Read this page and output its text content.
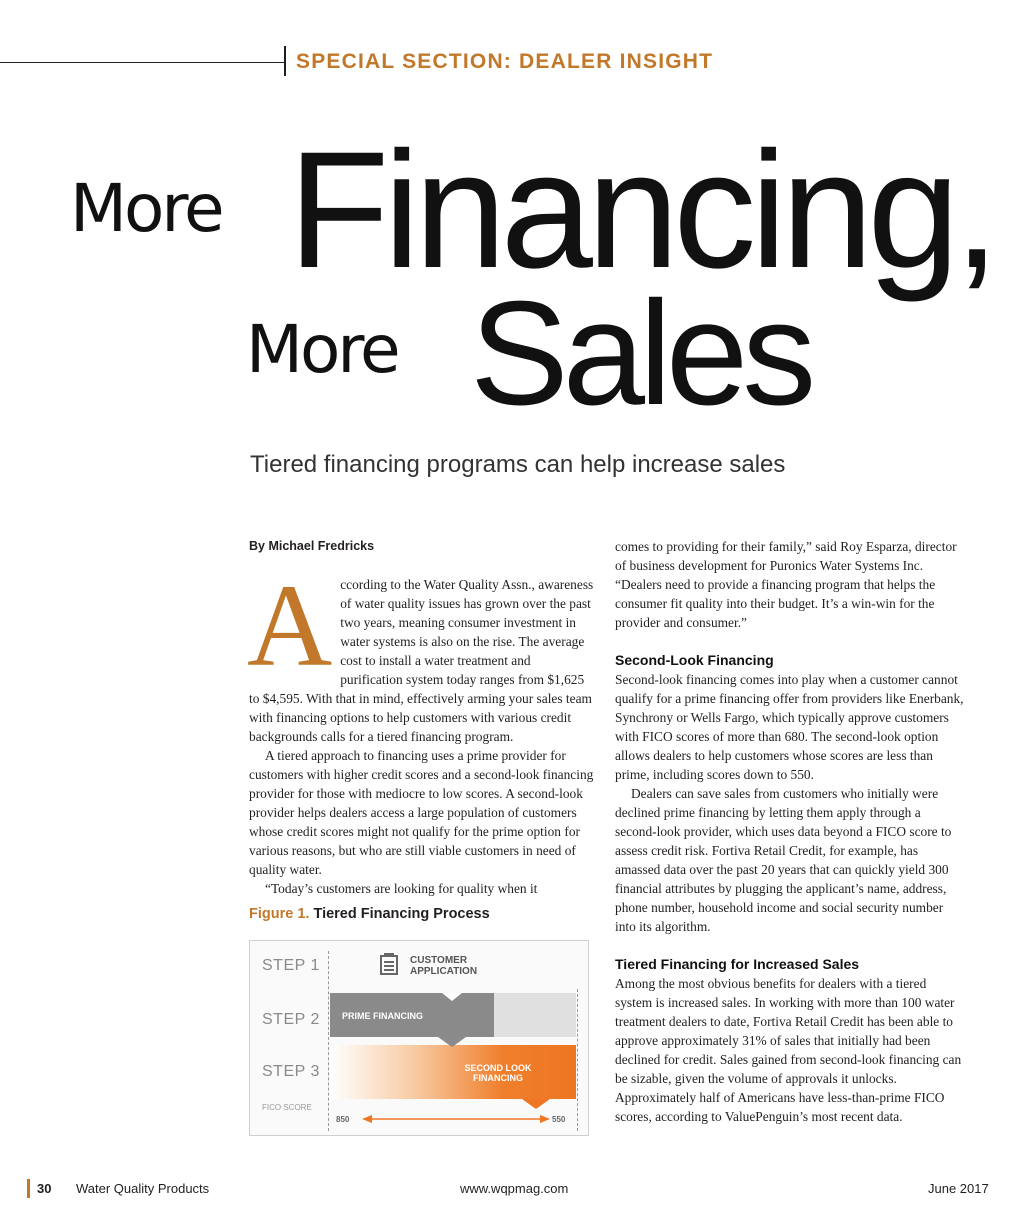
SPECIAL SECTION: DEALER INSIGHT
More Financing,
More Sales
Tiered financing programs can help increase sales
By Michael Fredricks

According to the Water Quality Assn., awareness of water quality issues has grown over the past two years, meaning consumer investment in water systems is also on the rise. The average cost to install a water treatment and purification system today ranges from $1,625 to $4,595. With that in mind, effectively arming your sales team with financing options to help customers with various credit backgrounds calls for a tiered financing program.

A tiered approach to financing uses a prime provider for customers with higher credit scores and a second-look financing provider for those with mediocre to low scores. A second-look provider helps dealers access a large population of customers whose credit scores might not qualify for the prime option for various reasons, but who are still viable customers in need of quality water.

“Today’s customers are looking for quality when it

Figure 1. Tiered Financing Process
STEP 1
STEP 2
STEP 3
FICO SCORE
CUSTOMER APPLICATION
PRIME FINANCING
SECOND LOOK FINANCING
850	550

comes to providing for their family,” said Roy Esparza, director of business development for Puronics Water Systems Inc. “Dealers need to provide a financing program that helps the consumer fit quality into their budget. It’s a win-win for the provider and consumer.”

Second-Look Financing

Second-look financing comes into play when a customer cannot qualify for a prime financing offer from providers like Enerbank, Synchrony or Wells Fargo, which typically approve customers with FICO scores of more than 680. The second-look option allows dealers to help customers whose scores are less than prime, including scores down to 550.

Dealers can save sales from customers who initially were declined prime financing by letting them apply through a second-look provider, which uses data beyond a FICO score to assess credit risk. Fortiva Retail Credit, for example, has amassed data over the past 20 years that can quickly yield 300 financial attributes by plugging the applicant’s name, address, phone number, household income and social security number into its algorithm.

Tiered Financing for Increased Sales

Among the most obvious benefits for dealers with a tiered system is increased sales. In working with more than 100 water treatment dealers to date, Fortiva Retail Credit has been able to approve approximately 31% of sales that initially had been declined for credit. Sales gained from second-look financing can be sizable, given the volume of approvals it unlocks. Approximately half of Americans have less-than-prime FICO scores, according to ValuePenguin’s most recent data.

30 Water Quality Products	www.wqpmag.com	June 2017
